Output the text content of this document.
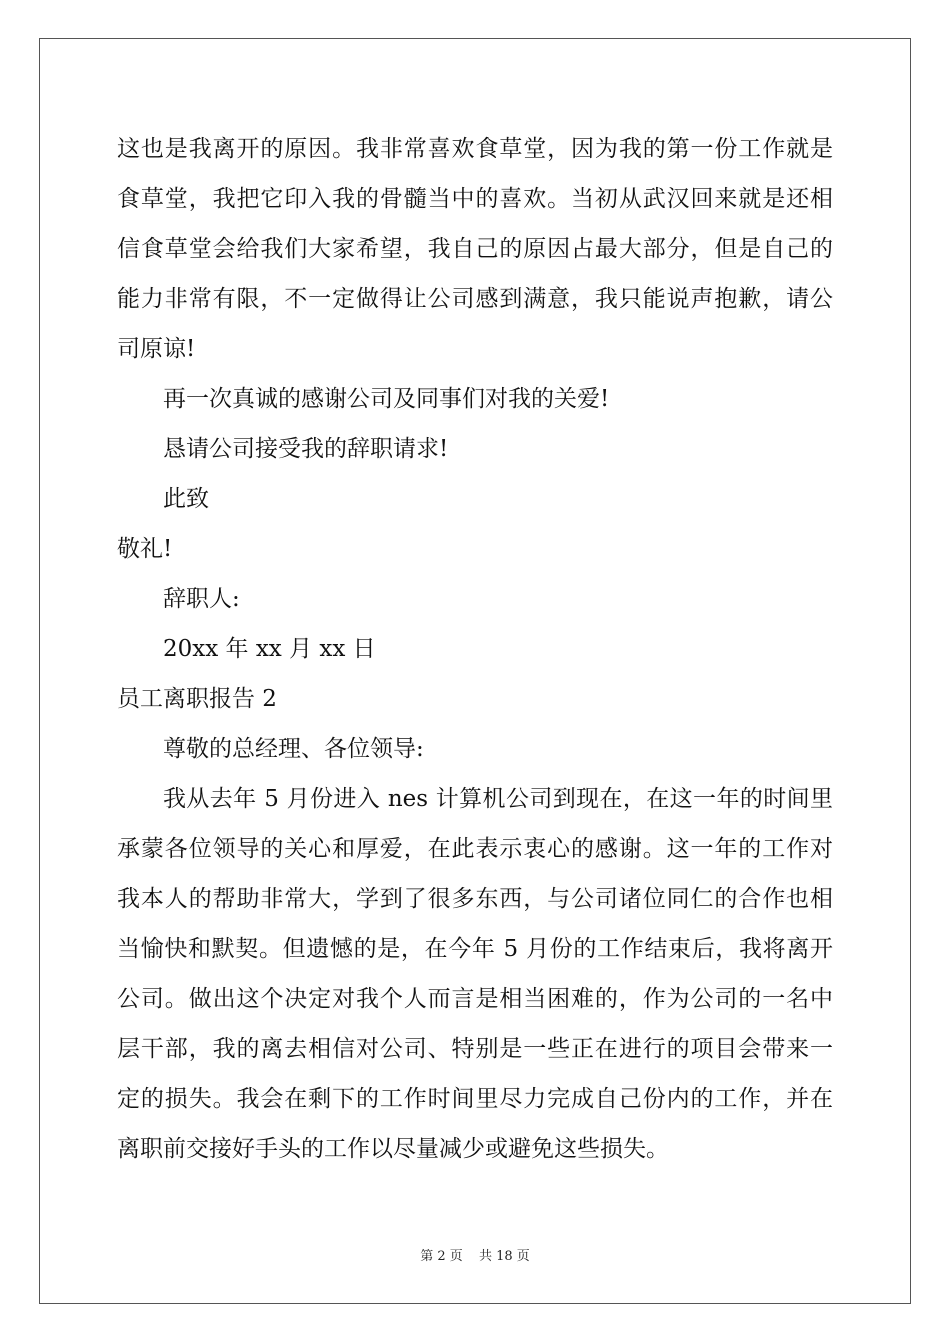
这也是我离开的原因。我非常喜欢食草堂，因为我的第一份工作就是
食草堂，我把它印入我的骨髓当中的喜欢。当初从武汉回来就是还相
信食草堂会给我们大家希望，我自己的原因占最大部分，但是自己的
能力非常有限，不一定做得让公司感到满意，我只能说声抱歉，请公
司原谅!
再一次真诚的感谢公司及同事们对我的关爱!
恳请公司接受我的辞职请求!
此致
敬礼!
辞职人:
20xx 年 xx 月 xx 日
员工离职报告 2
尊敬的总经理、各位领导:
我从去年 5 月份进入 nes 计算机公司到现在，在这一年的时间里
承蒙各位领导的关心和厚爱，在此表示衷心的感谢。这一年的工作对
我本人的帮助非常大，学到了很多东西，与公司诸位同仁的合作也相
当愉快和默契。但遗憾的是，在今年 5 月份的工作结束后，我将离开
公司。做出这个决定对我个人而言是相当困难的，作为公司的一名中
层干部，我的离去相信对公司、特别是一些正在进行的项目会带来一
定的损失。我会在剩下的工作时间里尽力完成自己份内的工作，并在
离职前交接好手头的工作以尽量减少或避免这些损失。
第 2 页 共 18 页
